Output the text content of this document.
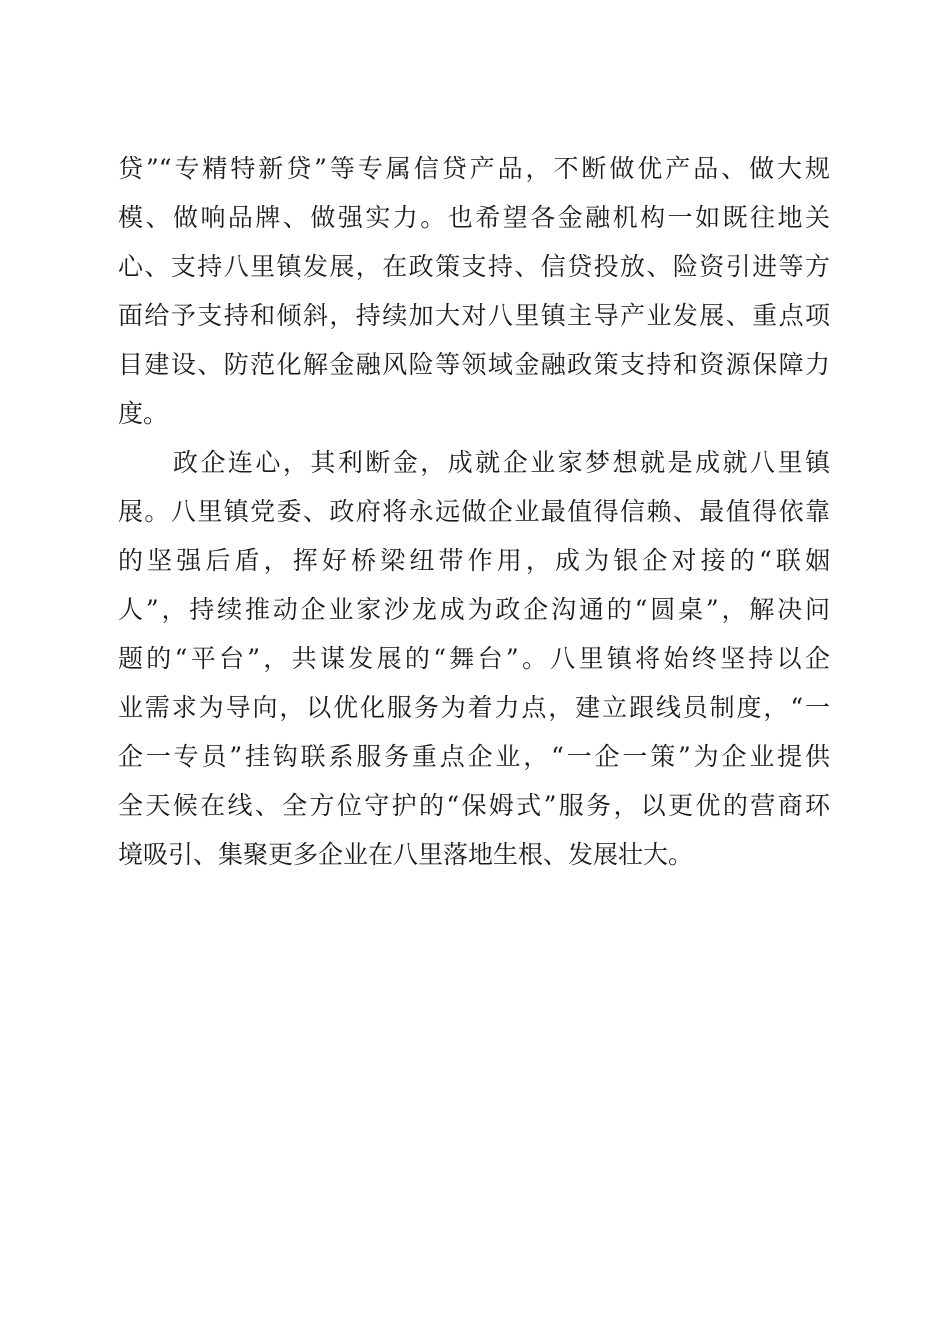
贷”“专精特新贷”等专属信贷产品，不断做优产品、做大规
模、做响品牌、做强实力。也希望各金融机构一如既往地关
心、支持八里镇发展，在政策支持、信贷投放、险资引进等方
面给予支持和倾斜，持续加大对八里镇主导产业发展、重点项
目建设、防范化解金融风险等领域金融政策支持和资源保障力
度。
　　政企连心，其利断金，成就企业家梦想就是成就八里镇
展。八里镇党委、政府将永远做企业最值得信赖、最值得依靠
的坚强后盾，挥好桥梁纽带作用，成为银企对接的“联姻
人”，持续推动企业家沙龙成为政企沟通的“圆桌”，解决问
题的“平台”，共谋发展的“舞台”。八里镇将始终坚持以企
业需求为导向，以优化服务为着力点，建立跟线员制度，“一
企一专员”挂钩联系服务重点企业，“一企一策”为企业提供
全天候在线、全方位守护的“保姆式”服务，以更优的营商环
境吸引、集聚更多企业在八里落地生根、发展壮大。
